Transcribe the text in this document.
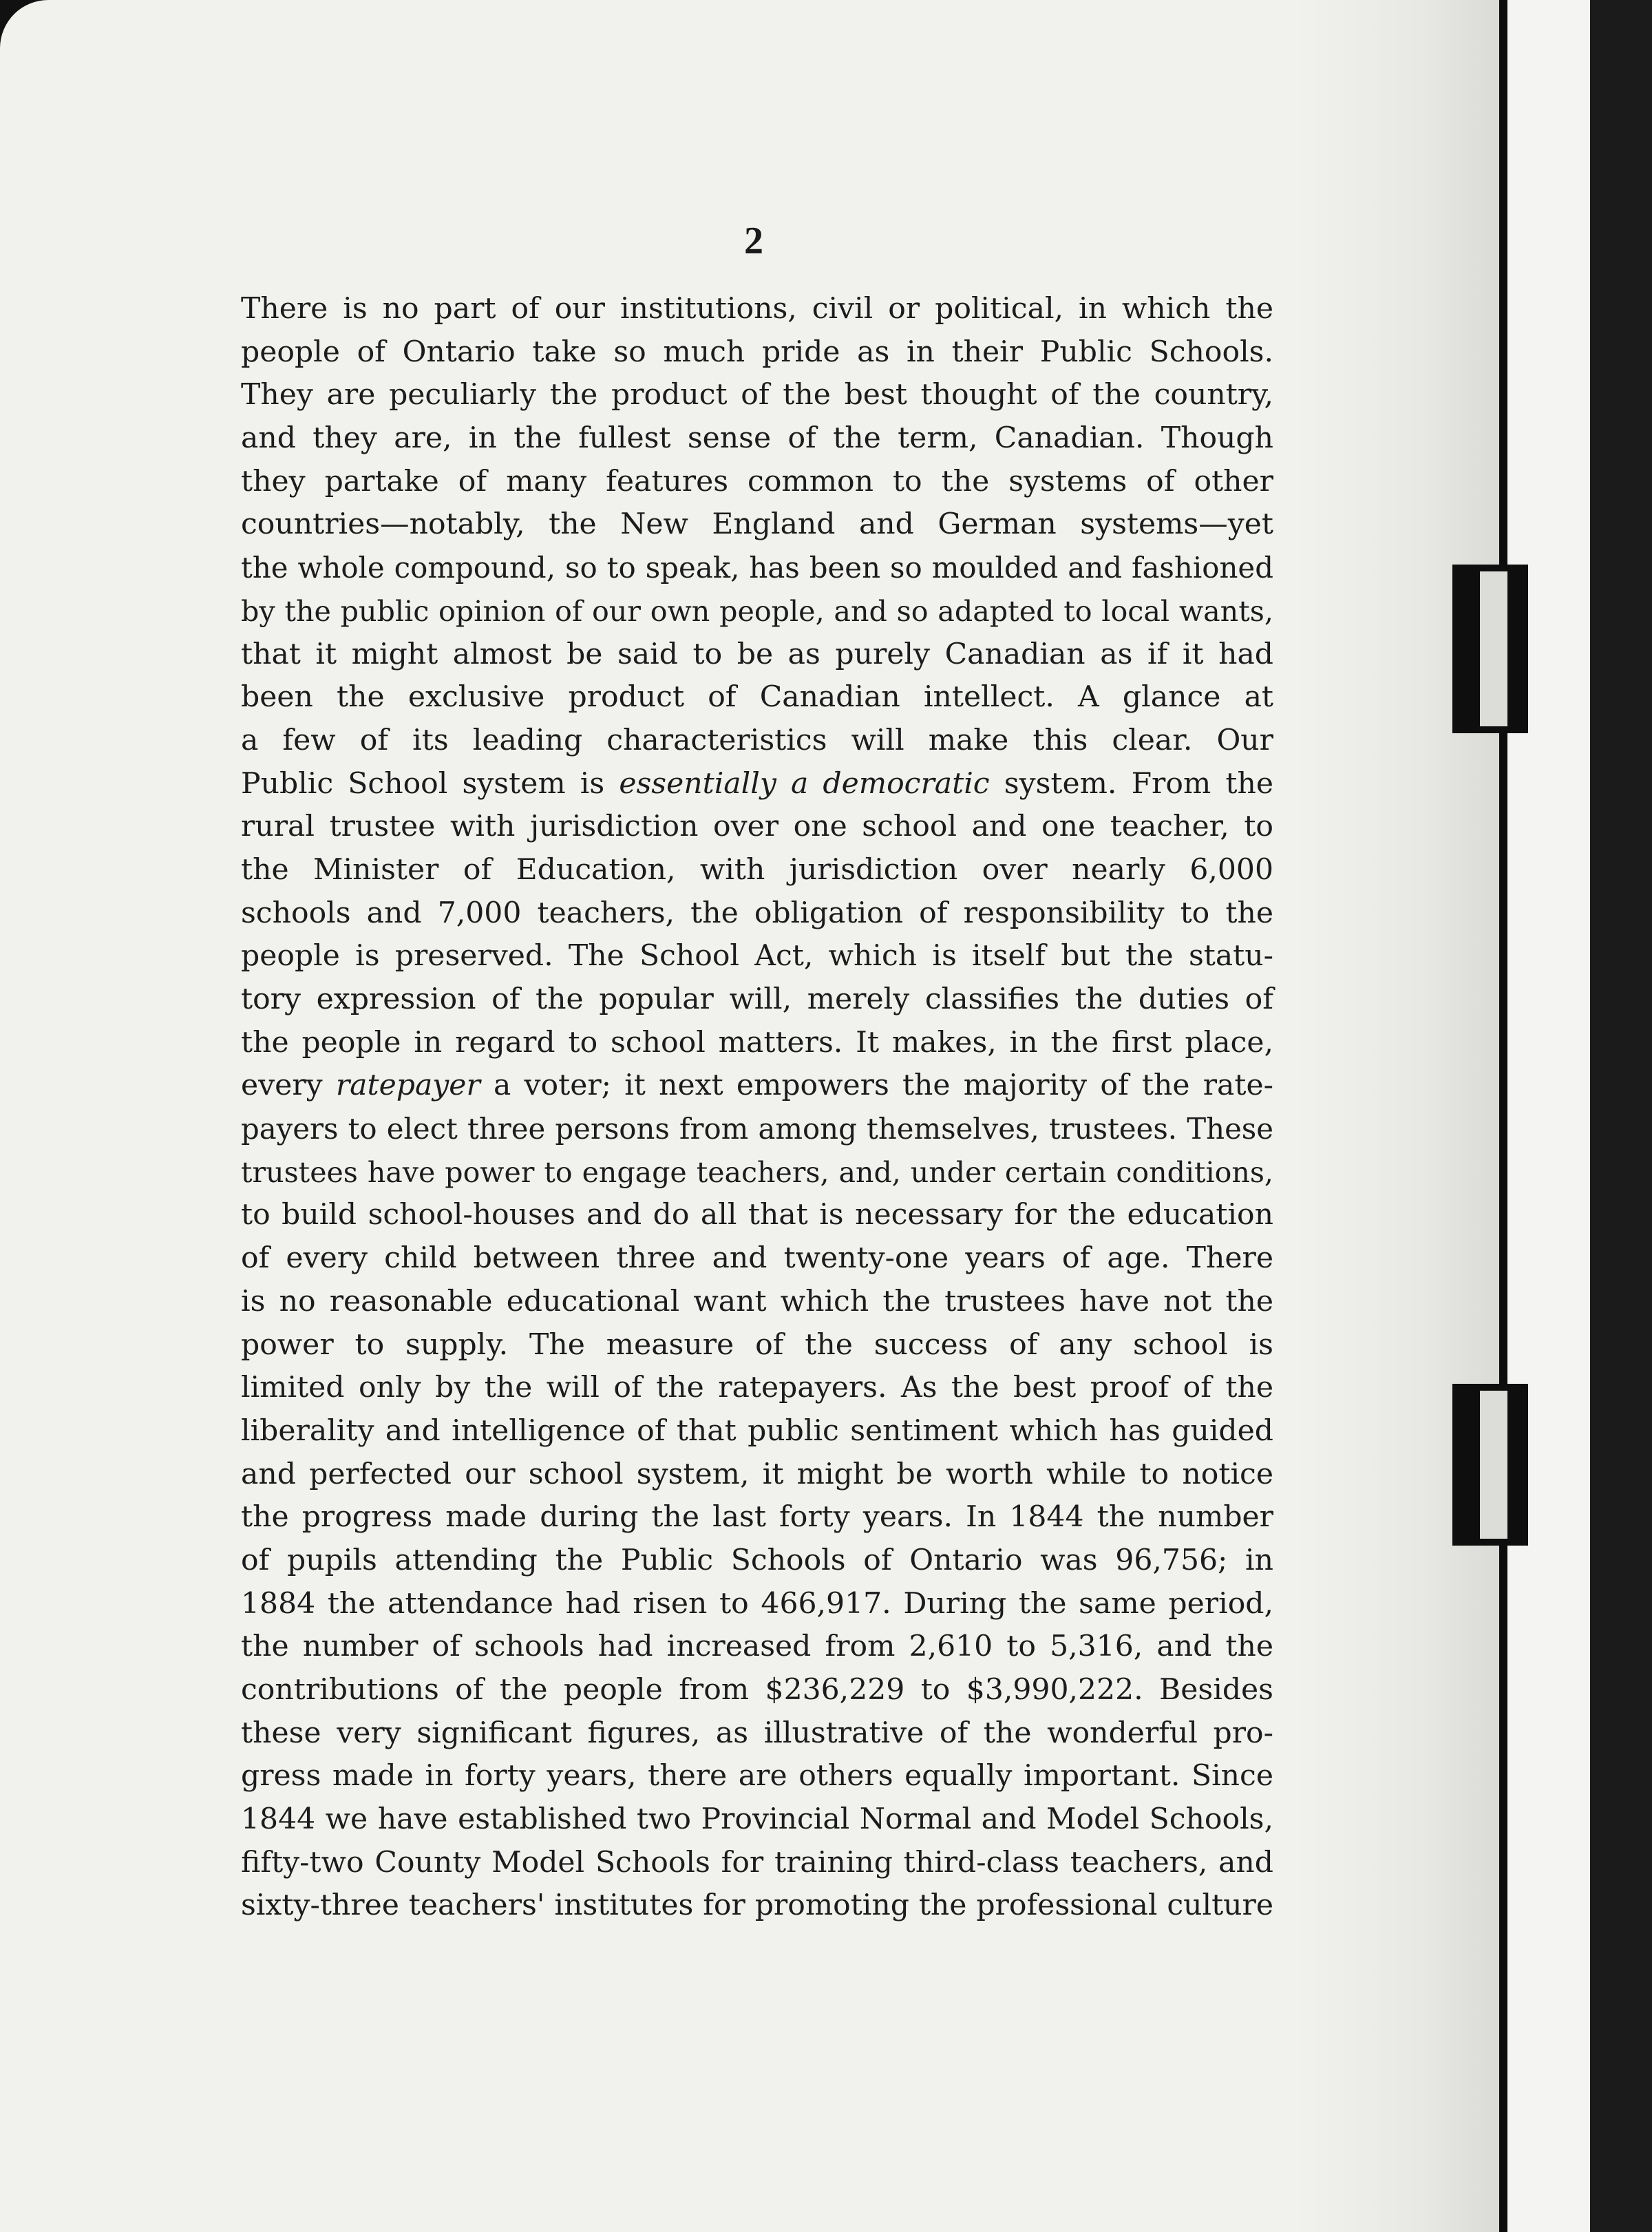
2
There is no part of our institutions, civil or political, in which the
people of Ontario take so much pride as in their Public Schools.
They are peculiarly the product of the best thought of the country,
and they are, in the fullest sense of the term, Canadian. Though
they partake of many features common to the systems of other
countries—notably, the New England and German systems—yet
the whole compound, so to speak, has been so moulded and fashioned
by the public opinion of our own people, and so adapted to local wants,
that it might almost be said to be as purely Canadian as if it had
been the exclusive product of Canadian intellect. A glance at
a few of its leading characteristics will make this clear. Our
Public School system is essentially a democratic system. From the
rural trustee with jurisdiction over one school and one teacher, to
the Minister of Education, with jurisdiction over nearly 6,000
schools and 7,000 teachers, the obligation of responsibility to the
people is preserved. The School Act, which is itself but the statu-
tory expression of the popular will, merely classifies the duties of
the people in regard to school matters. It makes, in the first place,
every ratepayer a voter; it next empowers the majority of the rate-
payers to elect three persons from among themselves, trustees. These
trustees have power to engage teachers, and, under certain conditions,
to build school-houses and do all that is necessary for the education
of every child between three and twenty-one years of age. There
is no reasonable educational want which the trustees have not the
power to supply. The measure of the success of any school is
limited only by the will of the ratepayers. As the best proof of the
liberality and intelligence of that public sentiment which has guided
and perfected our school system, it might be worth while to notice
the progress made during the last forty years. In 1844 the number
of pupils attending the Public Schools of Ontario was 96,756; in
1884 the attendance had risen to 466,917. During the same period,
the number of schools had increased from 2,610 to 5,316, and the
contributions of the people from $236,229 to $3,990,222. Besides
these very significant figures, as illustrative of the wonderful pro-
gress made in forty years, there are others equally important. Since
1844 we have established two Provincial Normal and Model Schools,
fifty-two County Model Schools for training third-class teachers, and
sixty-three teachers' institutes for promoting the professional culture
